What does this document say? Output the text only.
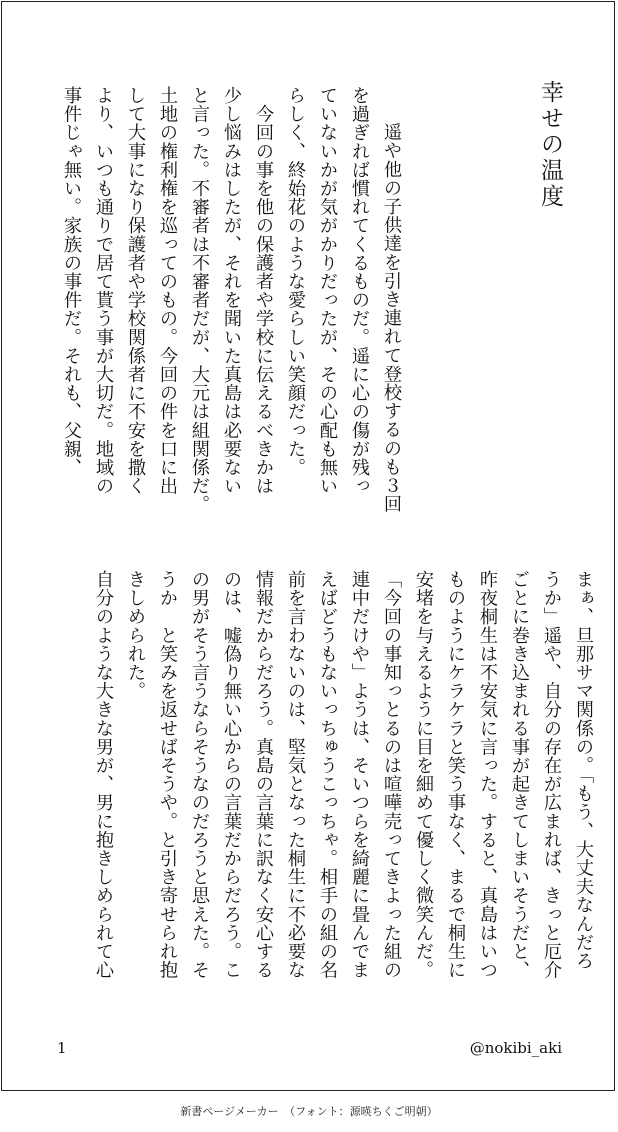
幸せの温度
　遥や他の子供達を引き連れて登校するのも３回
を過ぎれば慣れてくるものだ。遥に心の傷が残っ
ていないかが気がかりだったが、その心配も無い
らしく、終始花のような愛らしい笑顔だった。
　今回の事を他の保護者や学校に伝えるべきかは
少し悩みはしたが、それを聞いた真島は必要ない
と言った。不審者は不審者だが、大元は組関係だ。
土地の権利権を巡ってのもの。今回の件を口に出
して大事になり保護者や学校関係者に不安を撒く
より、いつも通りで居て貰う事が大切だ。地域の
事件じゃ無い。家族の事件だ。それも、父親、
まぁ、旦那サマ関係の。「もう、大丈夫なんだろ
うか」遥や、自分の存在が広まれば、きっと厄介
ごとに巻き込まれる事が起きてしまいそうだと、
昨夜桐生は不安気に言った。すると、真島はいつ
ものようにケラケラと笑う事なく、まるで桐生に
安堵を与えるように目を細めて優しく微笑んだ。
「今回の事知っとるのは喧嘩売ってきよった組の
連中だけや」ようは、そいつらを綺麗に畳んでま
えばどうもないっちゅうこっちゃ。相手の組の名
前を言わないのは、堅気となった桐生に不必要な
情報だからだろう。真島の言葉に訳なく安心する
のは、嘘偽り無い心からの言葉だからだろう。こ
の男がそう言うならそうなのだろうと思えた。そ
うか　と笑みを返せばそうや。と引き寄せられ抱
きしめられた。
自分のような大きな男が、男に抱きしめられて心
1	@nokibi_aki
新書ページメーカー　（フォント：源暎ちくご明朝）
